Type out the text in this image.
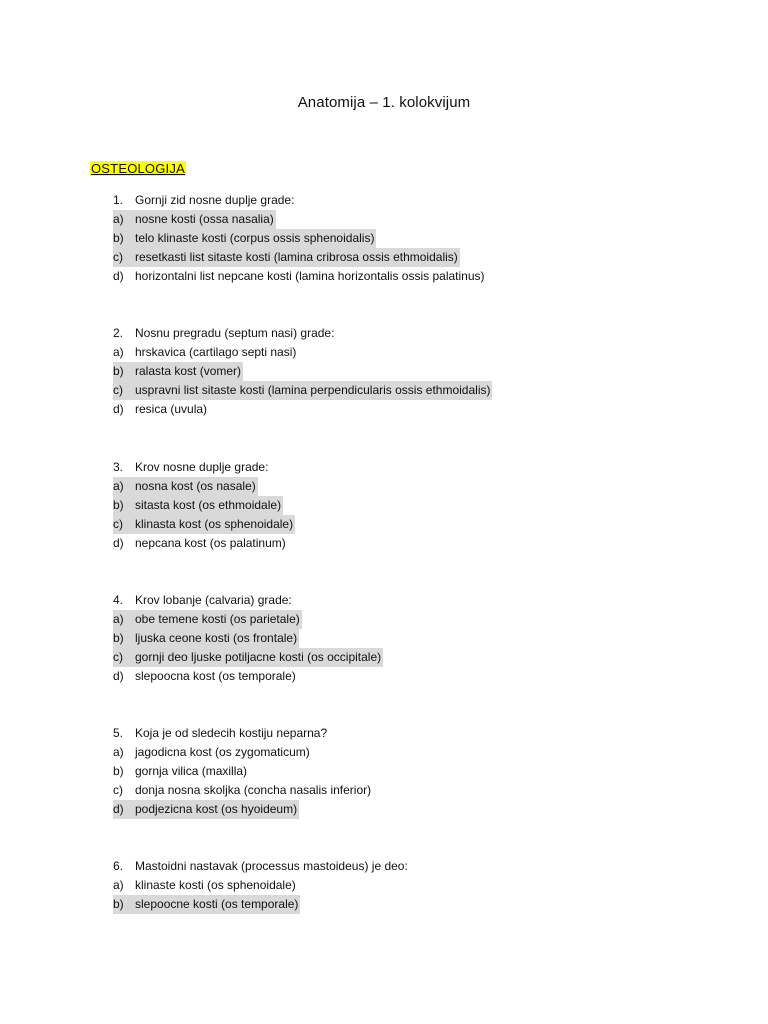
Anatomija – 1. kolokvijum
OSTEOLOGIJA
1. Gornji zid nosne duplje grade:
a) nosne kosti (ossa nasalia)
b) telo klinaste kosti (corpus ossis sphenoidalis)
c)	resetkasti list sitaste kosti (lamina cribrosa ossis ethmoidalis)
d) horizontalni list nepcane kosti (lamina horizontalis ossis palatinus)
2. Nosnu pregradu (septum nasi) grade:
a) hrskavica (cartilago septi nasi)
b) ralasta kost (vomer)
c)	uspravni list sitaste kosti (lamina perpendicularis ossis ethmoidalis)
d) resica (uvula)
3. Krov nosne duplje grade:
a) nosna kost (os nasale)
b) sitasta kost (os ethmoidale)
c)	klinasta kost (os sphenoidale)
d) nepcana kost (os palatinum)
4. Krov lobanje (calvaria) grade:
a) obe temene kosti (os parietale)
b) ljuska ceone kosti (os frontale)
c)	gornji deo ljuske potiljacne kosti (os occipitale)
d) slepoocna kost (os temporale)
5. Koja je od sledecih kostiju neparna?
a) jagodicna kost (os zygomaticum)
b) gornja vilica (maxilla)
c)	donja nosna skoljka (concha nasalis inferior)
d) podjezicna kost (os hyoideum)
6. Mastoidni nastavak (processus mastoideus) je deo:
a) klinaste kosti (os sphenoidale)
b) slepoocne kosti (os temporale)
